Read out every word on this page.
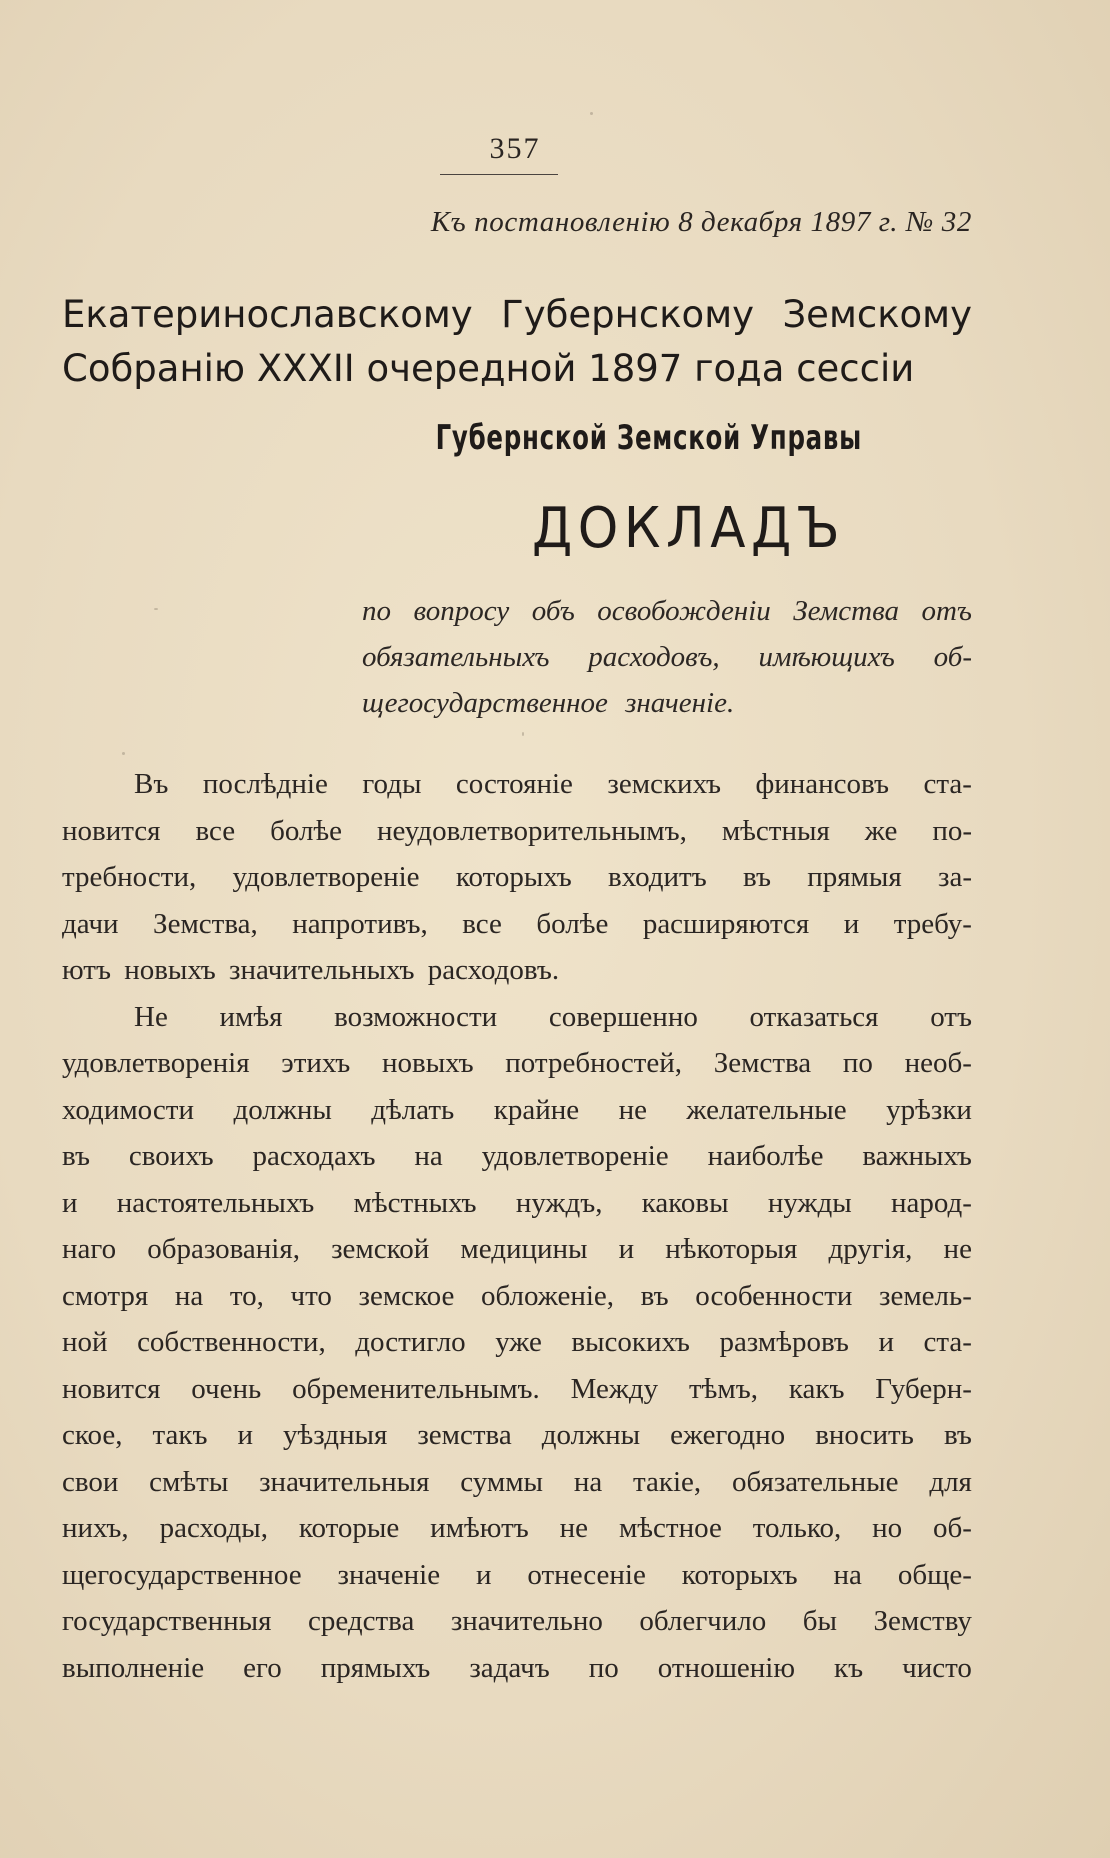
357
Къ постановленію 8 декабря 1897 г. № 32
Екатеринославскому Губернскому Земскому
Собранію XXXII очередной 1897 года сессіи
Губернской Земской Управы
ДОКЛАДЪ
по вопросу объ освобожденіи Земства отъ
обязательныхъ расходовъ, имѣющихъ об-
щегосударственное значеніе.
Въ послѣдніе годы состояніе земскихъ финансовъ ста-
новится все болѣе неудовлетворительнымъ, мѣстныя же по-
требности, удовлетвореніе которыхъ входитъ въ прямыя за-
дачи Земства, напротивъ, все болѣе расширяются и требу-
ютъ новыхъ значительныхъ расходовъ.
Не имѣя возможности совершенно отказаться отъ
удовлетворенія этихъ новыхъ потребностей, Земства по необ-
ходимости должны дѣлать крайне не желательные урѣзки
въ своихъ расходахъ на удовлетвореніе наиболѣе важныхъ
и настоятельныхъ мѣстныхъ нуждъ, каковы нужды народ-
наго образованія, земской медицины и нѣкоторыя другія, не
смотря на то, что земское обложеніе, въ особенности земель-
ной собственности, достигло уже высокихъ размѣровъ и ста-
новится очень обременительнымъ. Между тѣмъ, какъ Губерн-
ское, такъ и уѣздныя земства должны ежегодно вносить въ
свои смѣты значительныя суммы на такіе, обязательные для
нихъ, расходы, которые имѣютъ не мѣстное только, но об-
щегосударственное значеніе и отнесеніе которыхъ на обще-
государственныя средства значительно облегчило бы Земству
выполненіе его прямыхъ задачъ по отношенію къ чисто
